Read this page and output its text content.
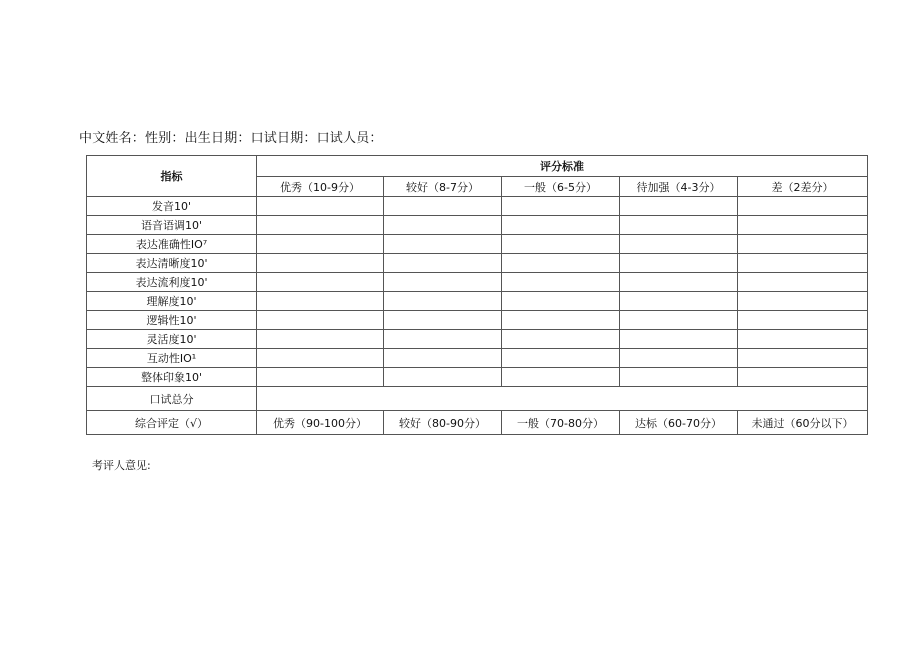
中文姓名：性别：出生日期：口试日期：口试人员：
指标	评分标准				
	优秀（10-9分）	较好（8-7分）	一般（6-5分）	待加强（4-3分）	差（2差分）
发音10'					
语音语调10'					
表达准确性IO⁷					
表达清晰度10'					
表达流利度10'					
理解度10'					
逻辑性10'					
灵活度10'					
互动性IO¹					
整体印象10'					
口试总分					
综合评定（√）	优秀（90-100分）	较好（80-90分）	一般（70-80分）	达标（60-70分）	未通过（60分以下）
考评人意见:
